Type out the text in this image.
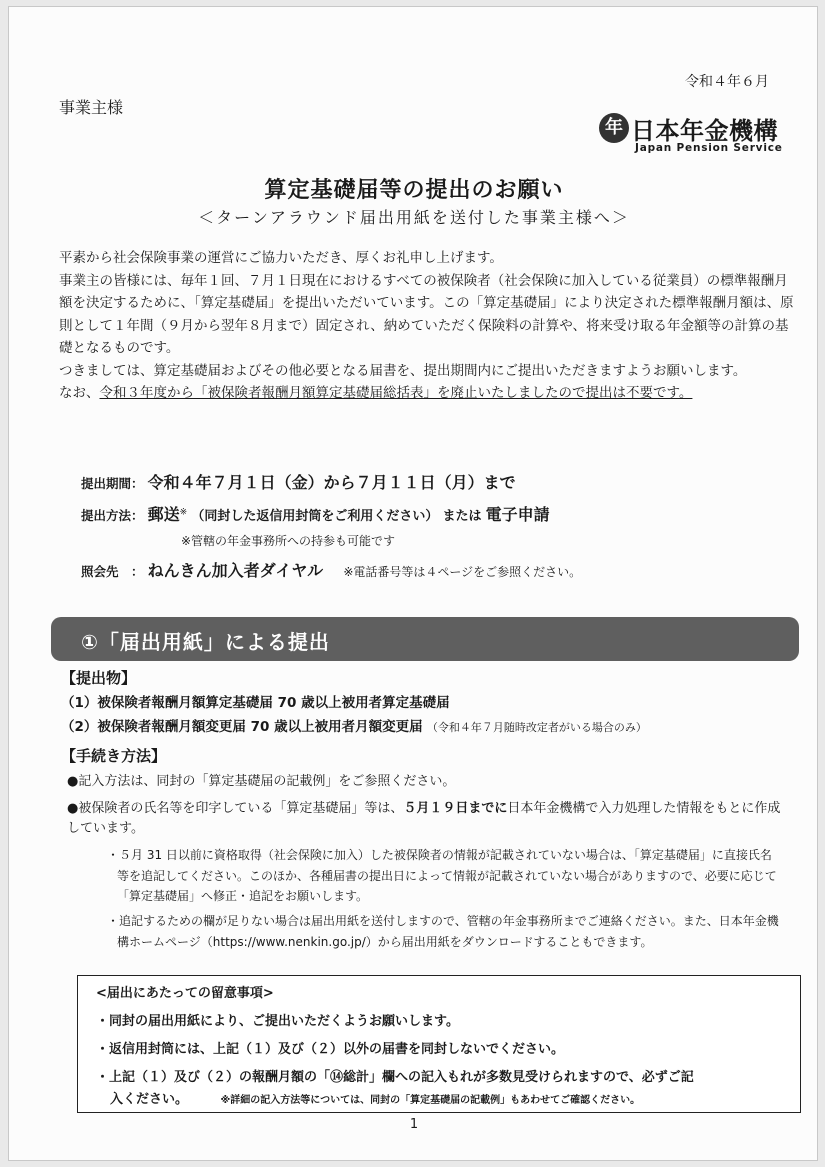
令和４年６月
事業主様
年 日本年金機構
Japan Pension Service
算定基礎届等の提出のお願い
＜ターンアラウンド届出用紙を送付した事業主様へ＞

平素から社会保険事業の運営にご協力いただき、厚くお礼申し上げます。

事業主の皆様には、毎年１回、７月１日現在におけるすべての被保険者（社会保険に加入している従業員）の標準報酬月額を決定するために、「算定基礎届」を提出いただいています。この「算定基礎届」により決定された標準報酬月額は、原則として１年間（９月から翌年８月まで）固定され、納めていただく保険料の計算や、将来受け取る年金額等の計算の基礎となるものです。

つきましては、算定基礎届およびその他必要となる届書を、提出期間内にご提出いただきますようお願いします。

なお、令和３年度から「被保険者報酬月額算定基礎届総括表」を廃止いたしましたので提出は不要です。

提出期間： 令和４年７月１日（金）から７月１１日（月）まで
提出方法： 郵送※ （同封した返信用封筒をご利用ください） または 電子申請
※管轄の年金事務所への持参も可能です
照会先　： ねんきん加入者ダイヤル ※電話番号等は４ページをご参照ください。
①「届出用紙」による提出
【提出物】
（1）被保険者報酬月額算定基礎届 70 歳以上被用者算定基礎届
（2）被保険者報酬月額変更届 70 歳以上被用者月額変更届 （令和４年７月随時改定者がいる場合のみ）
【手続き方法】
●記入方法は、同封の「算定基礎届の記載例」をご参照ください。
●被保険者の氏名等を印字している「算定基礎届」等は、５月１９日までに日本年金機構で入力処理した情報をもとに作成しています。
・５月 31 日以前に資格取得（社会保険に加入）した被保険者の情報が記載されていない場合は、「算定基礎届」に直接氏名等を追記してください。このほか、各種届書の提出日によって情報が記載されていない場合がありますので、必要に応じて「算定基礎届」へ修正・追記をお願いします。
・追記するための欄が足りない場合は届出用紙を送付しますので、管轄の年金事務所までご連絡ください。また、日本年金機構ホームページ（https://www.nenkin.go.jp/）から届出用紙をダウンロードすることもできます。
<届出にあたっての留意事項>
・同封の届出用紙により、ご提出いただくようお願いします。
・返信用封筒には、上記（１）及び（２）以外の届書を同封しないでください。
・上記（１）及び（２）の報酬月額の「⑭総計」欄への記入もれが多数見受けられますので、必ずご記
入ください。	※詳細の記入方法等については、同封の「算定基礎届の記載例」もあわせてご確認ください。
1
